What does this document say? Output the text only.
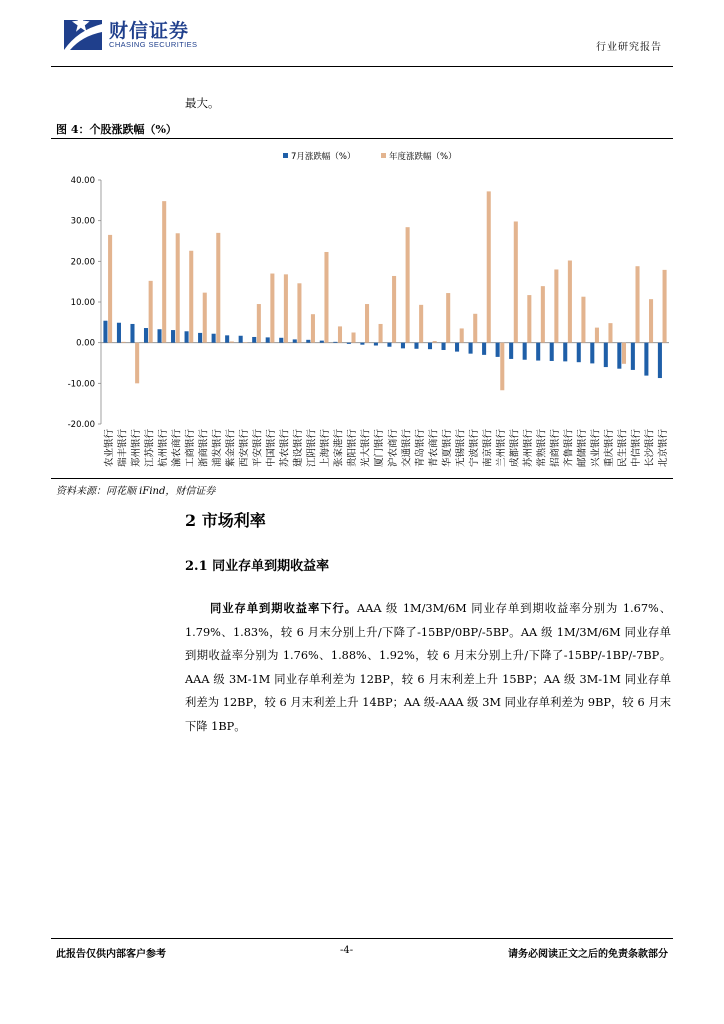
财信证券
CHASING SECURITIES	行业研究报告
最大。
图 4：个股涨跌幅（%）
7月涨跌幅（%）	年度涨跌幅（%）
40.00
30.00
20.00
10.00
0.00
-10.00
-20.00
农业银行 瑞丰银行 郑州银行 江苏银行 杭州银行 渝农商行 工商银行 浙商银行 浦发银行 紫金银行 西安银行 平安银行 中国银行 苏农银行 建设银行 江阴银行 上海银行 张家港行 贵阳银行 光大银行 厦门银行 沪农商行 交通银行 青岛银行 青农商行 华夏银行 无锡银行 宁波银行 南京银行 兰州银行 成都银行 苏州银行 常熟银行 招商银行 齐鲁银行 邮储银行 兴业银行 重庆银行 民生银行 中信银行 长沙银行 北京银行
资料来源：同花顺 iFind，财信证券
2 市场利率
2.1 同业存单到期收益率
同业存单到期收益率下行。AAA 级 1M/3M/6M 同业存单到期收益率分别为 1.67%、1.79%、1.83%，较 6 月末分别上升/下降了-15BP/0BP/-5BP。AA 级 1M/3M/6M 同业存单到期收益率分别为 1.76%、1.88%、1.92%，较 6 月末分别上升/下降了-15BP/-1BP/-7BP。AAA 级 3M-1M 同业存单利差为 12BP，较 6 月末利差上升 15BP；AA 级 3M-1M 同业存单利差为 12BP，较 6 月末利差上升 14BP；AA 级-AAA 级 3M 同业存单利差为 9BP，较 6 月末下降 1BP。
此报告仅供内部客户参考	-4-	请务必阅读正文之后的免责条款部分
